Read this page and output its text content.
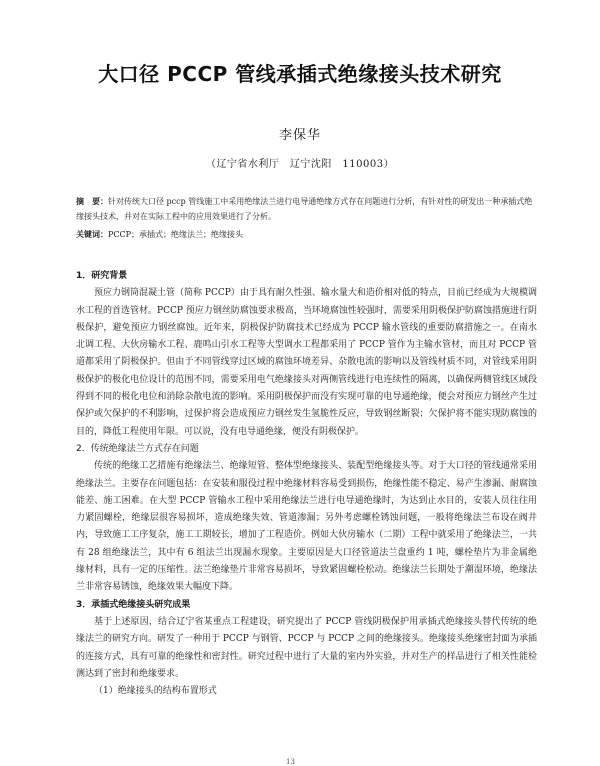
大口径 PCCP 管线承插式绝缘接头技术研究
李保华
（辽宁省水利厅　辽宁沈阳　110003）
摘　要：针对传统大口径 pccp 管线施工中采用绝缘法兰进行电导通绝缘方式存在问题进行分析，有针对性的研发出一种承插式绝缘接头技术，并对在实际工程中的应用效果进行了分析。
关键词：PCCP；承插式；绝缘法兰；绝缘接头

1．研究背景

预应力钢筒混凝土管（简称 PCCP）由于具有耐久性强、输水量大和造价相对低的特点，目前已经成为大规模调水工程的首选管材。PCCP 预应力钢丝防腐蚀要求极高，当环境腐蚀性较强时，需要采用阴极保护防腐蚀措施进行阴极保护，避免预应力钢丝腐蚀。近年来，阴极保护防腐技术已经成为 PCCP 输水管线的重要防腐措施之一。在南水北调工程、大伙房输水工程、鹿鸣山引水工程等大型调水工程都采用了 PCCP 管作为主输水管材，而且对 PCCP 管道都采用了阴极保护。但由于不同管线穿过区域的腐蚀环境差异、杂散电流的影响以及管线材质不同，对管线采用阴极保护的极化电位设计的范围不同，需要采用电气绝缘接头对两侧管线进行电连续性的隔离，以确保两侧管线区域段得到不同的极化电位和消除杂散电流的影响。采用阴极保护而没有实现可靠的电导通绝缘，便会对预应力钢丝产生过保护或欠保护的不利影响，过保护将会造成预应力钢丝发生氢脆性反应，导致钢丝断裂；欠保护将不能实现防腐蚀的目的，降低工程使用年限。可以说，没有电导通绝缘，便没有阴极保护。

2．传统绝缘法兰方式存在问题

传统的绝缘工艺措施有绝缘法兰、绝缘短管、整体型绝缘接头、装配型绝缘接头等。对于大口径的管线通常采用绝缘法兰。主要存在问题包括：在安装和服役过程中绝缘材料容易受到损伤，绝缘性能不稳定、易产生渗漏、耐腐蚀能差、施工困难。在大型 PCCP 管输水工程中采用绝缘法兰进行电导通绝缘时，为达到止水目的，安装人员往往用力紧固螺栓，绝缘层很容易损坏，造成绝缘失效、管道渗漏；另外考虑螺栓锈蚀问题，一般将绝缘法兰布设在阀井内，导致施工工序复杂，施工工期较长，增加了工程造价。例如大伙房输水（二期）工程中就采用了绝缘法兰，一共有 28 组绝缘法兰，其中有 6 组法兰出现漏水现象。主要原因是大口径管道法兰盘重约 1 吨，螺栓垫片为非金属绝缘材料，具有一定的压缩性。法兰绝缘垫片非常容易损坏，导致紧固螺栓松动。绝缘法兰长期处于潮湿环境，绝缘法兰非常容易锈蚀，绝缘效果大幅度下降。

3．承插式绝缘接头研究成果

基于上述原因，结合辽宁省某重点工程建设，研究提出了 PCCP 管线阴极保护用承插式绝缘接头替代传统的绝缘法兰的研究方向。研发了一种用于 PCCP 与钢管、PCCP 与 PCCP 之间的绝缘接头。绝缘接头绝缘密封面为承插的连接方式，具有可靠的绝缘性和密封性。研究过程中进行了大量的室内外实验，并对生产的样品进行了相关性能检测达到了密封和绝缘要求。

（1）绝缘接头的结构布置形式

13
